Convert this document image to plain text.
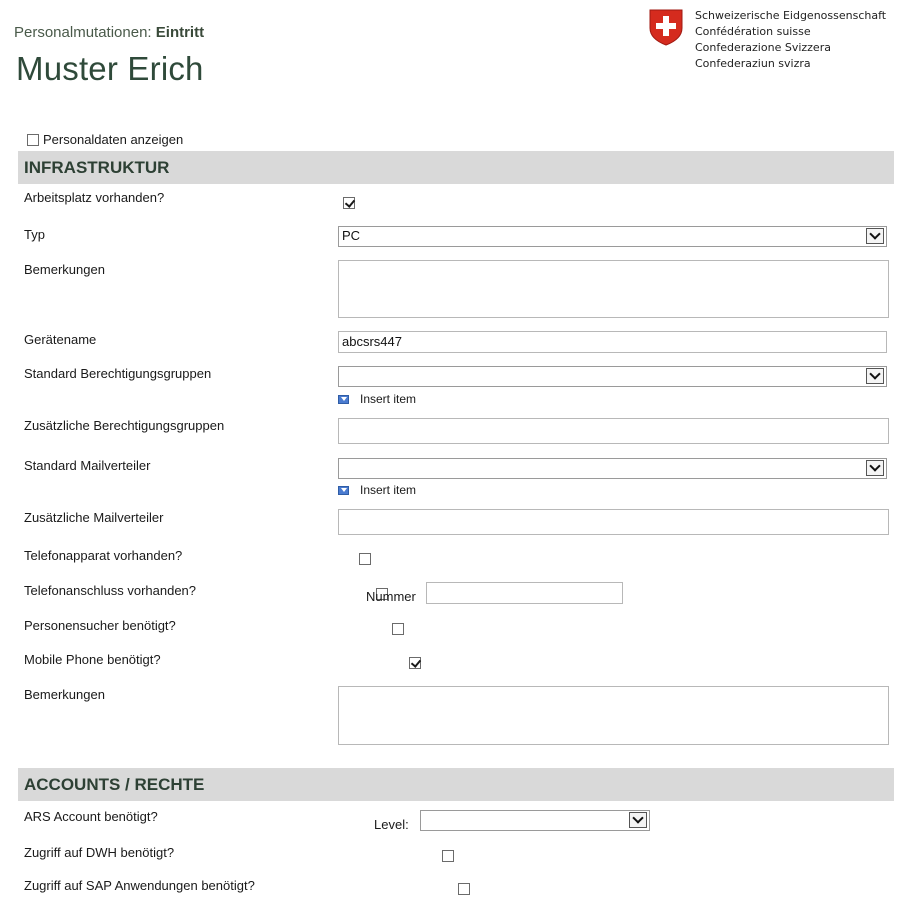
Personalmutationen: Eintritt
Muster Erich
Schweizerische Eidgenossenschaft
Confédération suisse
Confederazione Svizzera
Confederaziun svizra
Personaldaten anzeigen
INFRASTRUKTUR
Arbeitsplatz vorhanden?

Typ	PC
Bemerkungen
Gerätename	abcsrs447
Standard Berechtigungsgruppen
Insert item
Zusätzliche Berechtigungsgruppen
Standard Mailverteiler
Insert item
Zusätzliche Mailverteiler
Telefonapparat vorhanden?

Telefonanschluss vorhanden?
	Nummer
Personensucher benötigt?

Mobile Phone benötigt?

Bemerkungen
ACCOUNTS / RECHTE
ARS Account benötigt?

Level:
Zugriff auf DWH benötigt?

Zugriff auf SAP Anwendungen benötigt?
